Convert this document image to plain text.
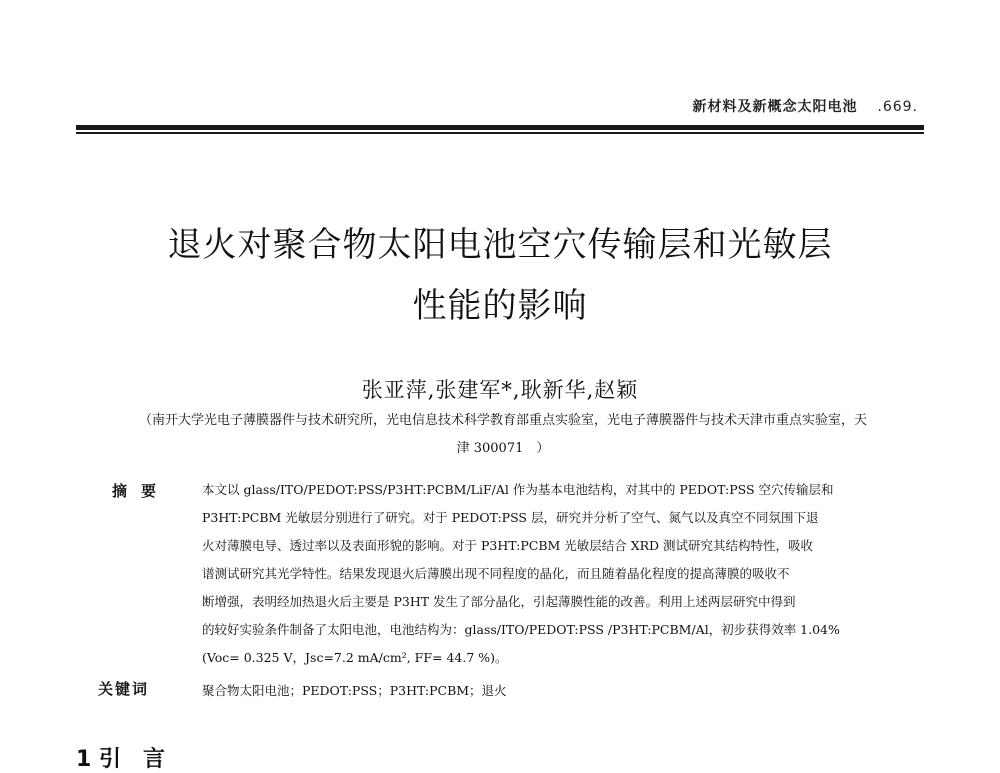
新材料及新概念太阳电池 .669.
退火对聚合物太阳电池空穴传输层和光敏层
性能的影响
张亚萍,张建军*,耿新华,赵颖
（南开大学光电子薄膜器件与技术研究所，光电信息技术科学教育部重点实验室，光电子薄膜器件与技术天津市重点实验室，天
津 300071　）
摘要	本文以 glass/ITO/PEDOT:PSS/P3HT:PCBM/LiF/Al 作为基本电池结构，对其中的 PEDOT:PSS 空穴传输层和
P3HT:PCBM 光敏层分别进行了研究。对于 PEDOT:PSS 层，研究并分析了空气、氮气以及真空不同氛围下退
火对薄膜电导、透过率以及表面形貌的影响。对于 P3HT:PCBM 光敏层结合 XRD 测试研究其结构特性，吸收
谱测试研究其光学特性。结果发现退火后薄膜出现不同程度的晶化，而且随着晶化程度的提高薄膜的吸收不
断增强，表明经加热退火后主要是 P3HT 发生了部分晶化，引起薄膜性能的改善。利用上述两层研究中得到
的较好实验条件制备了太阳电池，电池结构为：glass/ITO/PEDOT:PSS /P3HT:PCBM/Al，初步获得效率 1.04%
(Voc= 0.325 V，Jsc=7.2 mA/cm², FF= 44.7 %)。
关键词	聚合物太阳电池；PEDOT:PSS；P3HT:PCBM；退火
1 引　言
